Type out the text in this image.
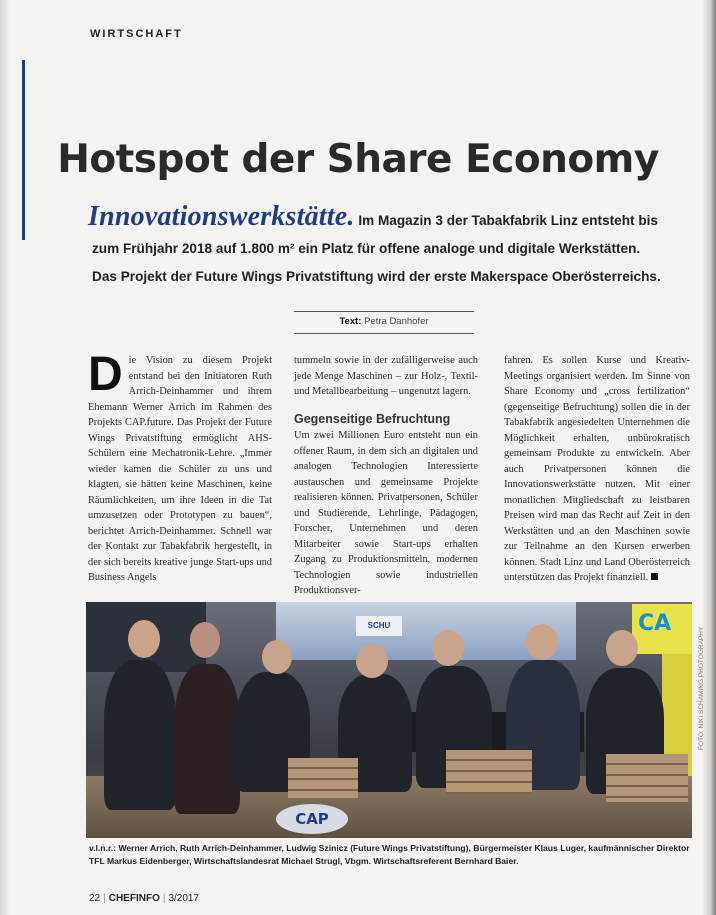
WIRTSCHAFT
Hotspot der Share Economy
Innovationswerkstätte. Im Magazin 3 der Tabakfabrik Linz entsteht bis
zum Frühjahr 2018 auf 1.800 m² ein Platz für offene analoge und digitale Werkstätten.
Das Projekt der Future Wings Privatstiftung wird der erste Makerspace Oberösterreichs.
Text: Petra Danhofer
D ie Vision zu diesem Projekt entstand bei den Initiatoren Ruth Arrich-Deinhammer und ihrem Ehemann Werner Arrich im Rahmen des Projekts CAP.future. Das Projekt der Future Wings Privatstiftung ermöglicht AHS-Schülern eine Mechatronik-Lehre. „Immer wieder kamen die Schüler zu uns und klagten, sie hätten keine Maschinen, keine Räumlichkeiten, um ihre Ideen in die Tat umzusetzen oder Prototypen zu bauen“, berichtet Arrich-Deinhammer. Schnell war der Kontakt zur Tabakfabrik hergestellt, in der sich bereits kreative junge Start-ups und Business Angels
tummeln sowie in der zufälligerweise auch jede Menge Maschinen – zur Holz-, Textil- und Metallbearbeitung – ungenutzt lagern.
Gegenseitige Befruchtung
Um zwei Millionen Euro entsteht nun ein offener Raum, in dem sich an digitalen und analogen Technologien Interessierte austauschen und gemeinsame Projekte realisieren können. Privatpersonen, Schüler und Studierende, Lehrlinge, Pädagogen, Forscher, Unternehmen und deren Mitarbeiter sowie Start-ups erhalten Zugang zu Produktionsmitteln, modernen Technologien sowie industriellen Produktionsver-
fahren. Es sollen Kurse und Kreativ-Meetings organisiert werden. Im Sinne von Share Economy und „cross fertilization“ (gegenseitige Befruchtung) sollen die in der Tabakfabrik angesiedelten Unternehmen die Möglichkeit erhalten, unbürokratisch gemeinsam Produkte zu entwickeln. Aber auch Privatpersonen können die Innovationswerkstätte nutzen. Mit einer monatlichen Mitgliedschaft zu leistbaren Preisen wird man das Recht auf Zeit in den Werkstätten und an den Maschinen sowie zur Teilnahme an den Kursen erwerben können. Stadt Linz und Land Oberösterreich unterstützen das Projekt finanziell.
SCHU	CA
CAP
FOTO: NIKI SCHAMING PHOTOGRAPHY
v.l.n.r.: Werner Arrich, Ruth Arrich-Deinhammer, Ludwig Szinicz (Future Wings Privatstiftung), Bürgermeister Klaus Luger, kaufmännischer Direktor TFL Markus Eidenberger, Wirtschaftslandesrat Michael Strugl, Vbgm. Wirtschaftsreferent Bernhard Baier.
22 | CHEFINFO | 3/2017
